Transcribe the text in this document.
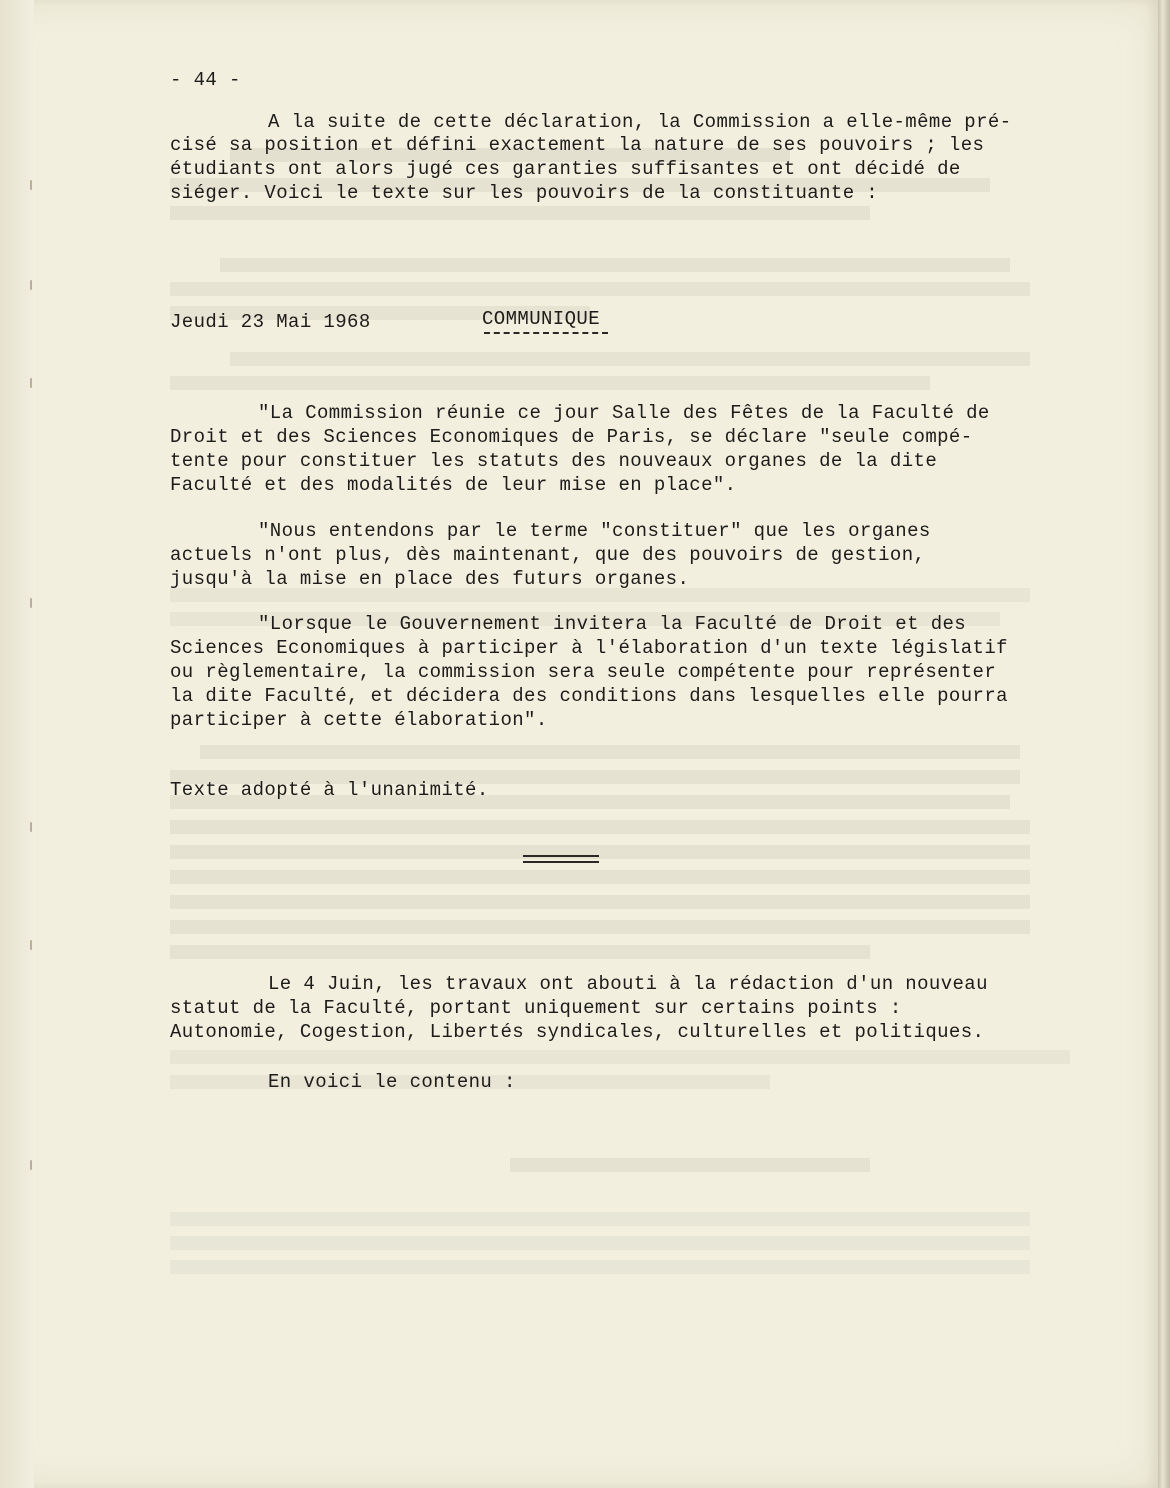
- 44 -
A la suite de cette déclaration, la Commission a elle-même pré-
cisé sa position et défini exactement la nature de ses pouvoirs ; les
étudiants ont alors jugé ces garanties suffisantes et ont décidé de
siéger. Voici le texte sur les pouvoirs de la constituante :
Jeudi 23 Mai 1968	COMMUNIQUE
"La Commission réunie ce jour Salle des Fêtes de la Faculté de
Droit et des Sciences Economiques de Paris, se déclare "seule compé-
tente pour constituer les statuts des nouveaux organes de la dite
Faculté et des modalités de leur mise en place".
"Nous entendons par le terme "constituer" que les organes
actuels n'ont plus, dès maintenant, que des pouvoirs de gestion,
jusqu'à la mise en place des futurs organes.
"Lorsque le Gouvernement invitera la Faculté de Droit et des
Sciences Economiques à participer à l'élaboration d'un texte législatif
ou règlementaire, la commission sera seule compétente pour représenter
la dite Faculté, et décidera des conditions dans lesquelles elle pourra
participer à cette élaboration".
Texte adopté à l'unanimité.
Le 4 Juin, les travaux ont abouti à la rédaction d'un nouveau
statut de la Faculté, portant uniquement sur certains points :
Autonomie, Cogestion, Libertés syndicales, culturelles et politiques.
En voici le contenu :
